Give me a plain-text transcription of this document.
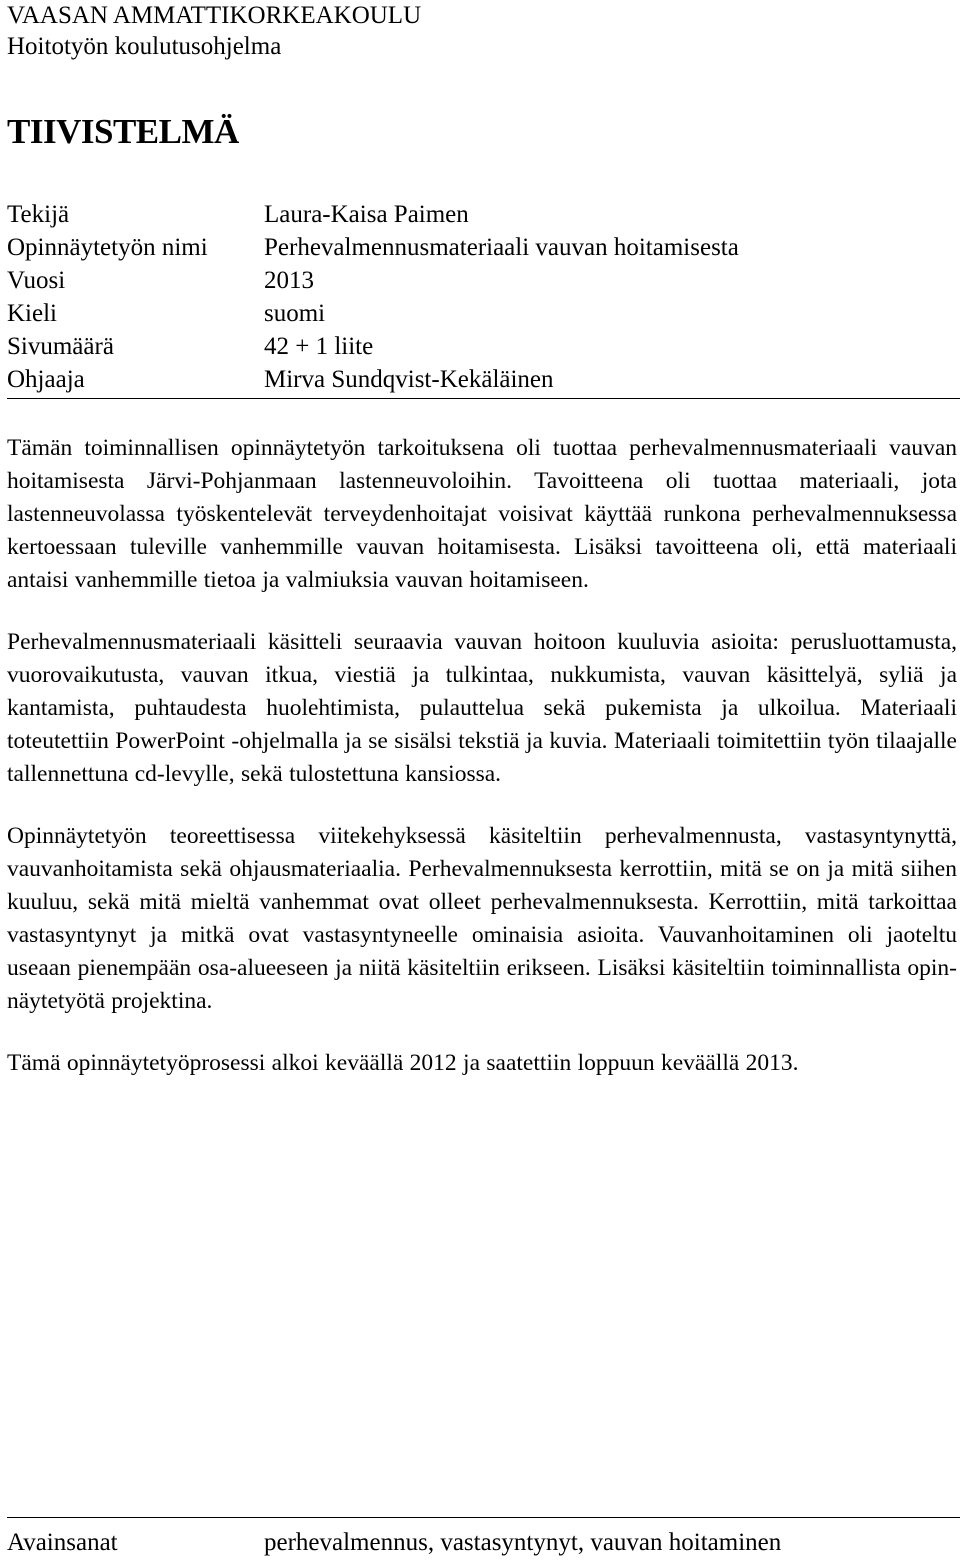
VAASAN AMMATTIKORKEAKOULU
Hoitotyön koulutusohjelma
TIIVISTELMÄ
Tekijä	Laura-Kaisa Paimen
Opinnäytetyön nimi Perhevalmennusmateriaali vauvan hoitamisesta
Vuosi	2013
Kieli	suomi
Sivumäärä	42 + 1 liite
Ohjaaja	Mirva Sundqvist-Kekäläinen

Tämän toiminnallisen opinnäytetyön tarkoituksena oli tuottaa perhevalmennusmateriaali vauvan hoitamisesta Järvi-Pohjanmaan lastenneuvoloihin. Tavoitteena oli tuottaa materiaali, jota lastenneuvolassa työskentelevät terveydenhoitajat voisivat käyttää runkona perhevalmennuksessa kertoessaan tuleville vanhemmille vauvan hoitamisesta. Lisäksi tavoitteena oli, että materiaali antaisi vanhemmille tietoa ja valmiuksia vauvan hoitamiseen.

Perhevalmennusmateriaali käsitteli seuraavia vauvan hoitoon kuuluvia asioita: perusluottamusta, vuorovaikutusta, vauvan itkua, viestiä ja tulkintaa, nukkumista, vauvan käsittelyä, syliä ja kantamista, puhtaudesta huolehtimista, pulauttelua sekä pukemista ja ulkoilua. Materiaali toteutettiin PowerPoint -ohjelmalla ja se sisälsi tekstiä ja kuvia. Materiaali toimitettiin työn tilaajalle tallennettuna cd-levylle, sekä tulostettuna kansiossa.

Opinnäytetyön teoreettisessa viitekehyksessä käsiteltiin perhevalmennusta, vastasyntynyttä, vauvanhoitamista sekä ohjausmateriaalia. Perhevalmennuksesta kerrottiin, mitä se on ja mitä siihen kuuluu, sekä mitä mieltä vanhemmat ovat olleet perhevalmennuksesta. Kerrottiin, mitä tarkoittaa vastasyntynyt ja mitkä ovat vastasyntyneelle ominaisia asioita. Vauvanhoitaminen oli jaoteltu useaan pienempään osa-alueeseen ja niitä käsiteltiin erikseen. Lisäksi käsiteltiin toiminnallista opinnäytetyötä projektina.

Tämä opinnäytetyöprosessi alkoi keväällä 2012 ja saatettiin loppuun keväällä 2013.

Avainsanat	perhevalmennus, vastasyntynyt, vauvan hoitaminen
